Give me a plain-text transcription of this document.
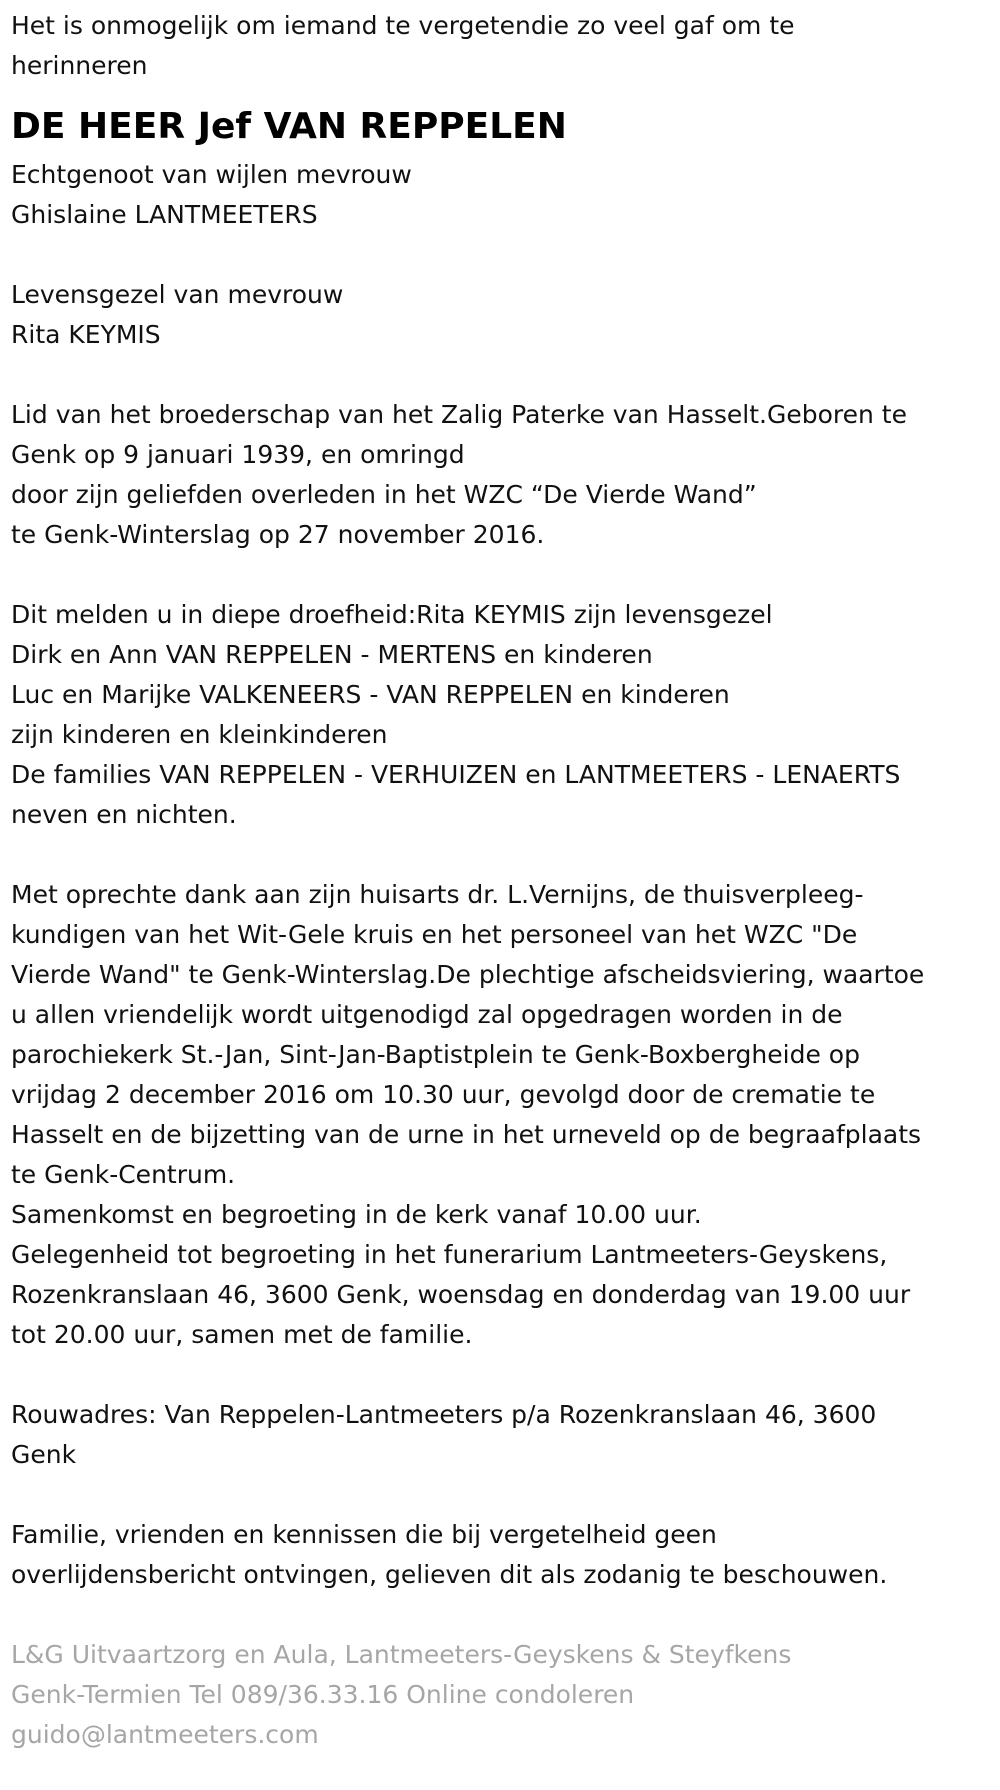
Het is onmogelijk om iemand te vergetendie zo veel gaf om te
herinneren

DE HEER Jef VAN REPPELEN

Echtgenoot van wijlen mevrouw
Ghislaine LANTMEETERS

Levensgezel van mevrouw
Rita KEYMIS

Lid van het broederschap van het Zalig Paterke van Hasselt.Geboren te
Genk op 9 januari 1939, en omringd
door zijn geliefden overleden in het WZC “De Vierde Wand”
te Genk-Winterslag op 27 november 2016.

Dit melden u in diepe droefheid:Rita KEYMIS zijn levensgezel
Dirk en Ann VAN REPPELEN - MERTENS en kinderen
Luc en Marijke VALKENEERS - VAN REPPELEN en kinderen
zijn kinderen en kleinkinderen
De families VAN REPPELEN - VERHUIZEN en LANTMEETERS - LENAERTS
neven en nichten.

Met oprechte dank aan zijn huisarts dr. L.Vernijns, de thuisverpleeg-
kundigen van het Wit-Gele kruis en het personeel van het WZC "De
Vierde Wand" te Genk-Winterslag.De plechtige afscheidsviering, waartoe
u allen vriendelijk wordt uitgenodigd zal opgedragen worden in de
parochiekerk St.-Jan, Sint-Jan-Baptistplein te Genk-Boxbergheide op
vrijdag 2 december 2016 om 10.30 uur, gevolgd door de crematie te
Hasselt en de bijzetting van de urne in het urneveld op de begraafplaats
te Genk-Centrum.

Samenkomst en begroeting in de kerk vanaf 10.00 uur.

Gelegenheid tot begroeting in het funerarium Lantmeeters-Geyskens,
Rozenkranslaan 46, 3600 Genk, woensdag en donderdag van 19.00 uur
tot 20.00 uur, samen met de familie.

Rouwadres: Van Reppelen-Lantmeeters p/a Rozenkranslaan 46, 3600
Genk

Familie, vrienden en kennissen die bij vergetelheid geen
overlijdensbericht ontvingen, gelieven dit als zodanig te beschouwen.

L&G Uitvaartzorg en Aula, Lantmeeters-Geyskens & Steyfkens
Genk-Termien Tel 089/36.33.16 Online condoleren
guido@lantmeeters.com
